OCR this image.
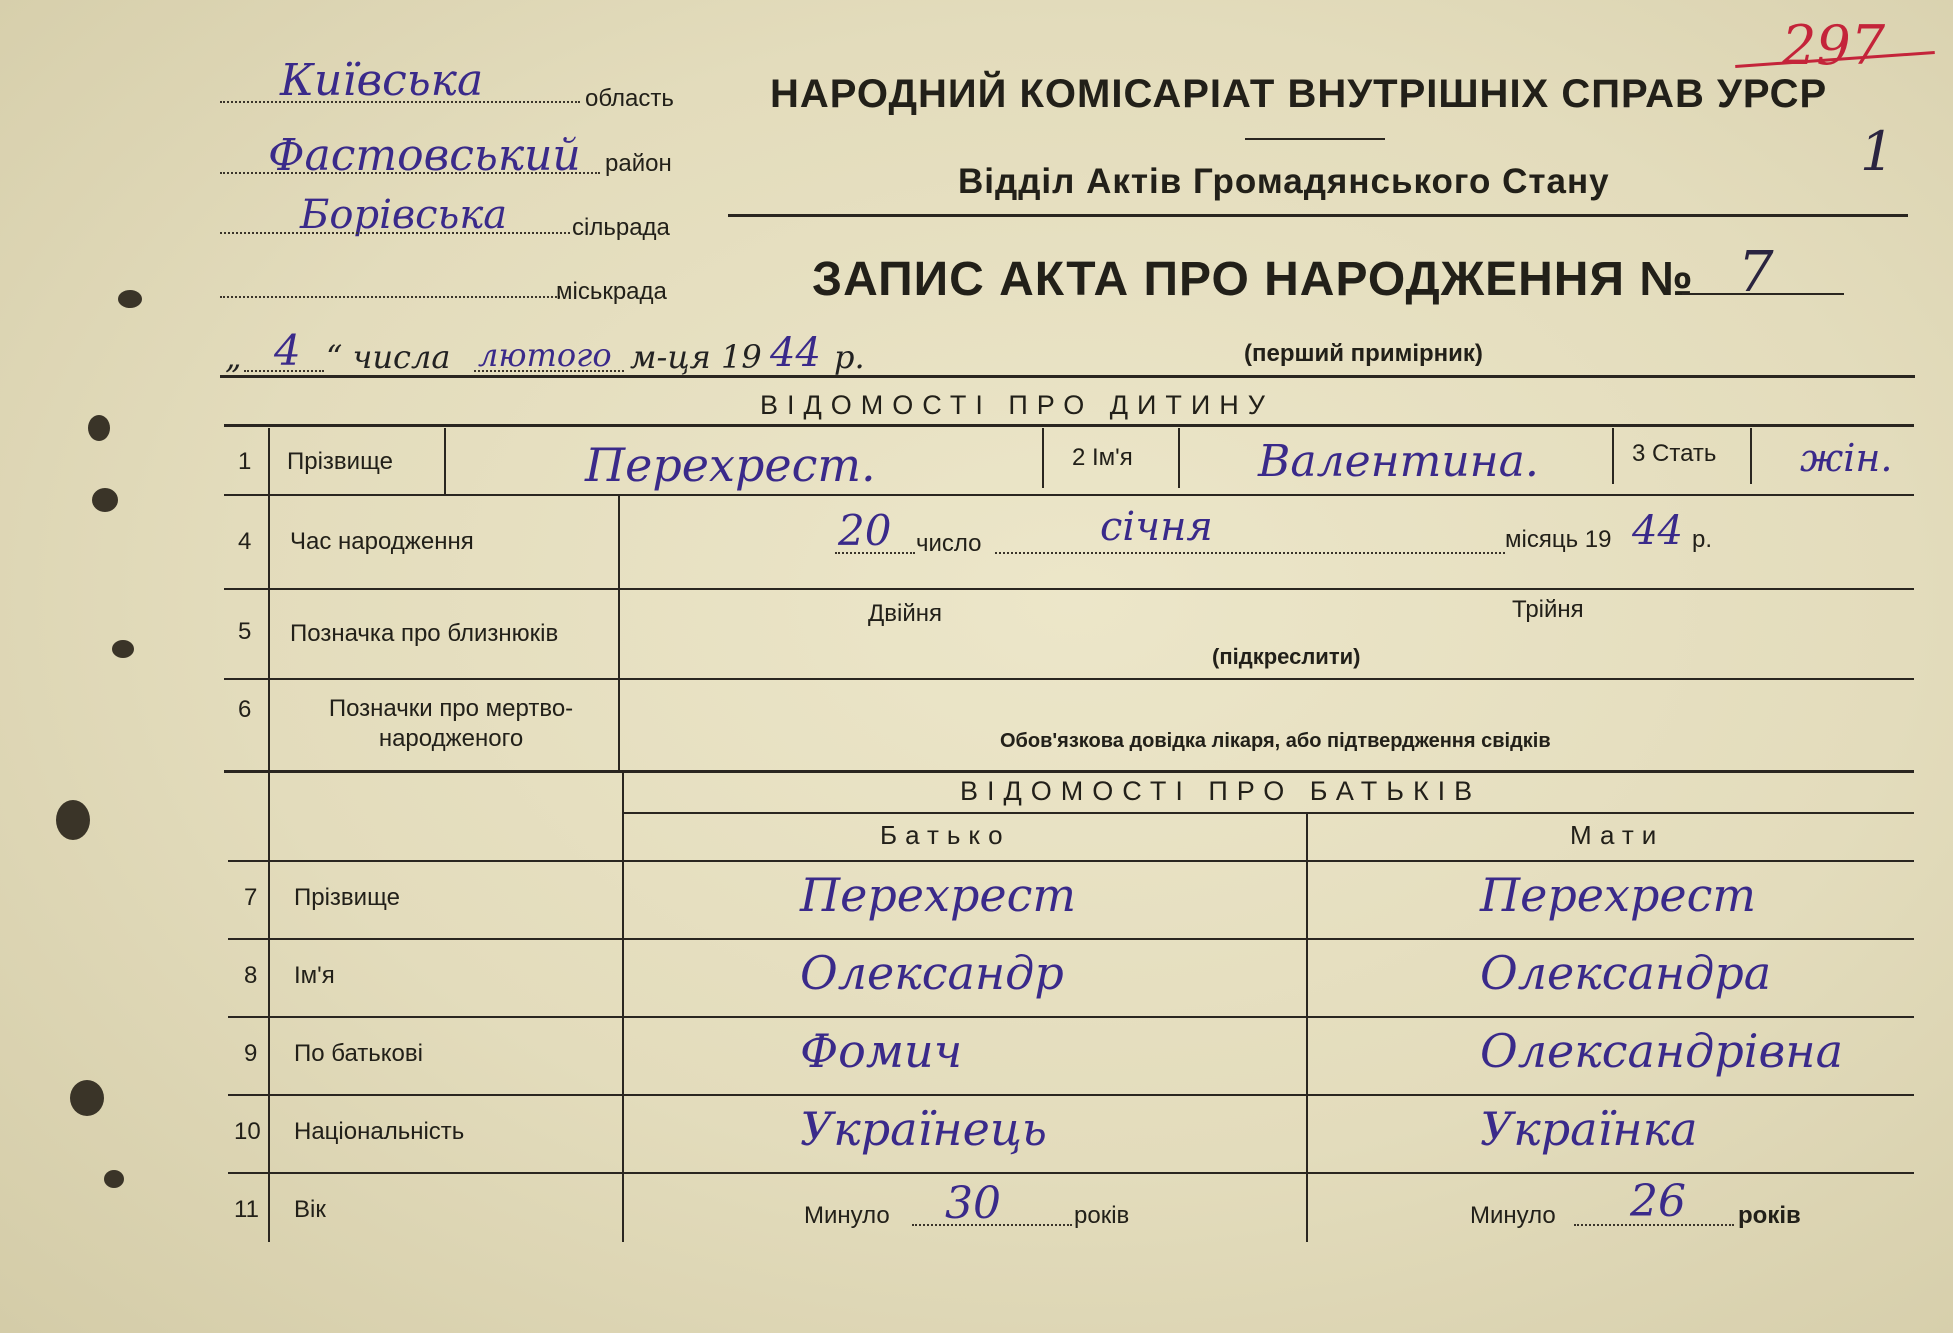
297
1
Київська	область
Фастовський район
Борівська	сільрада
міськрада
НАРОДНИЙ КОМІСАРІАТ ВНУТРІШНІХ СПРАВ УРСР
Відділ Актів Громадянського Стану
ЗАПИС АКТА ПРО НАРОДЖЕННЯ № 7
„ 4 “ числа лютого м-ця 19 44 р.	(перший примірник)
ВІДОМОСТІ ПРО ДИТИНУ
1 Прізвище	Перехрест.	2 Ім'я	Валентина.	3 Стать жін.
4 Час народження	20 число	січня	місяць 19 44 р.
5 Позначка про близнюків
Двійня	Трійня
(підкреслити)
6	Позначки про мертво-народженого	Обов'язкова довідка лікаря, або підтвердження свідків
ВІДОМОСТІ ПРО БАТЬКІВ
Батько	Мати
7 Прізвище	Перехрест	Перехрест
8 Ім'я	Олександр	Олександра
9 По батькові	Фомич	Олександрівна
10 Національність	Українець	Українка
11 Вік	Минуло 30	років	Минуло 26 років
